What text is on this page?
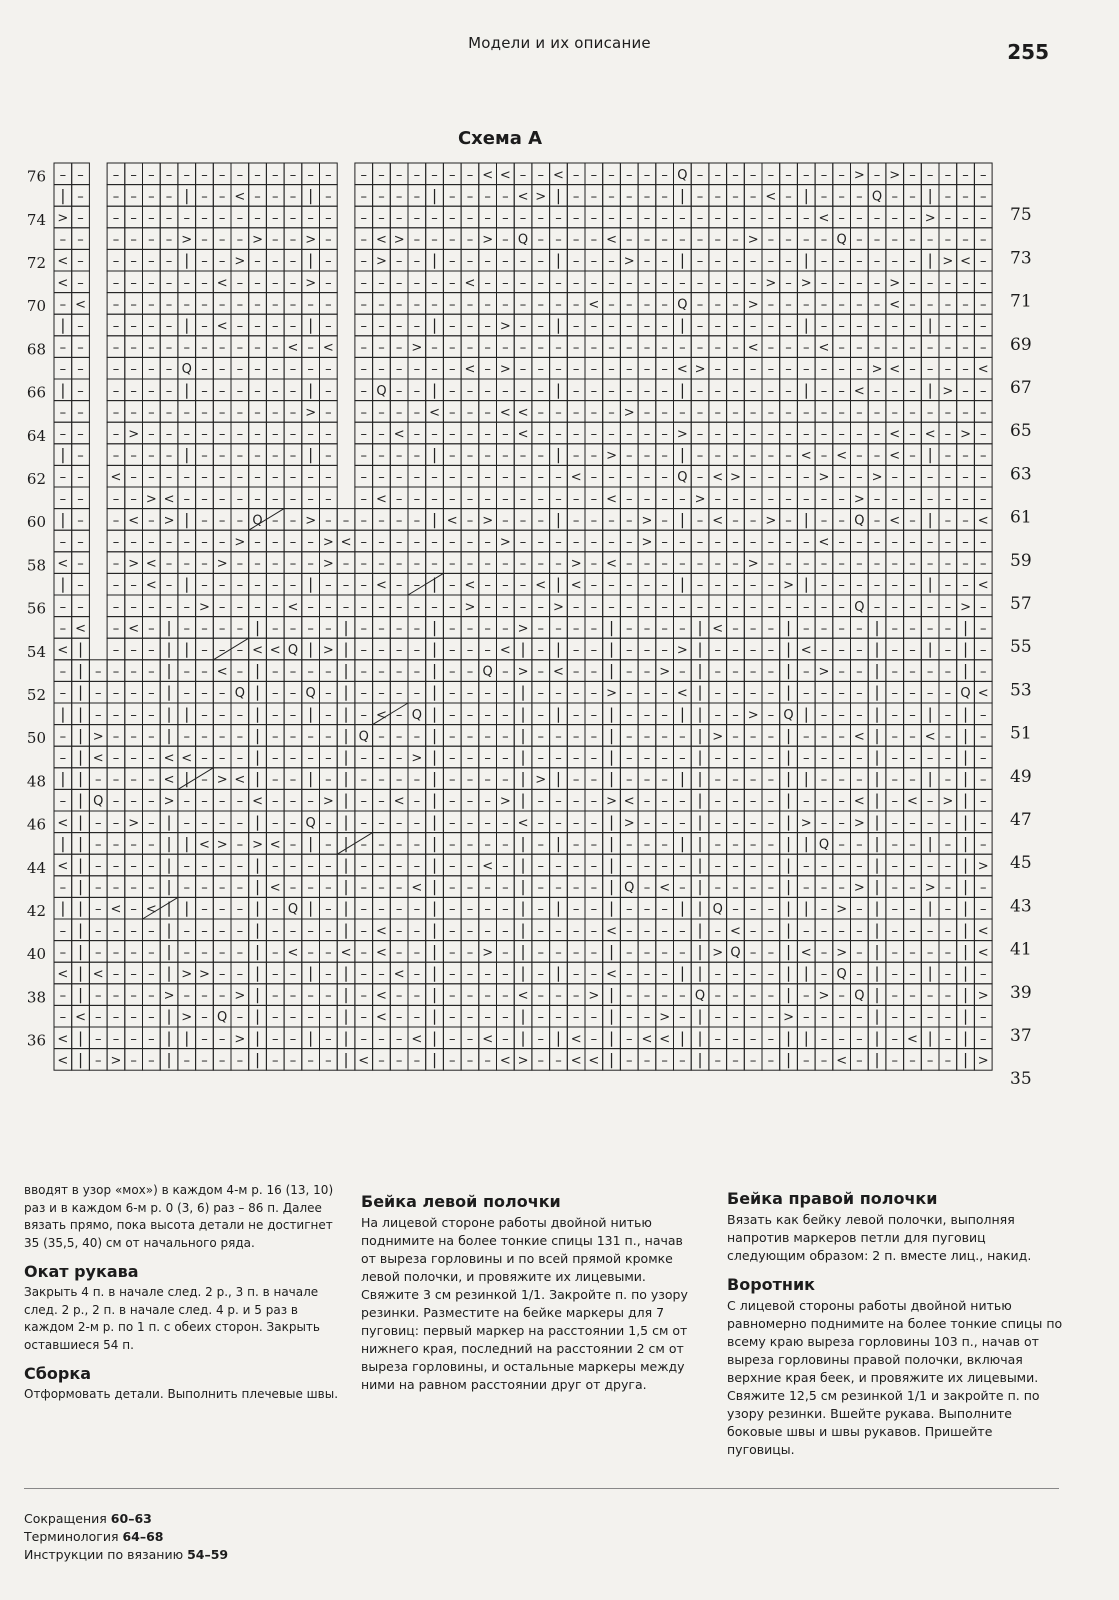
Модели и их описание	255
Схема A
– – – – – – – – – – – – – – – – – – – – – – < < – – < – – – – – – Q – – – – – – – – – > – > – – – – –
| – – – – – | – – < – – – | – – – – – | – – – – < > | – – – – – – | – – – – < – | – – – Q – – | – – –
> – – – – – – – – – – – – – – – – – – – – – – – – – – – – – – – – – – – – – – – – < – – – – – > – – –
– – – – – – > – – – > – – > – – < > – – – – > – Q – – – – < – – – – – – – > – – – – Q – – – – – – – –
< – – – – – | – – > – – – | – – > – – | – – – – – – | – – – > – – | – – – – – – | – – – – – – | > < –
< – – – – – – – < – – – – > – – – – – – – < – – – – – – – – – – – – – – – – > – > – – – – > – – – – –
– < – – – – – – – – – – – – – – – – – – – – – – – – – – < – – – – Q – – – > – – – – – – – < – – – – –
| – – – – – | – < – – – – | – – – – – | – – – > – – | – – – – – – | – – – – – – | – – – – – – | – – –
– – – – – – – – – – – – < – < – – – > – – – – – – – – – – – – – – – – – – < – – – < – – – – – – – – –
– – – – – – Q – – – – – – – – – – – – – – < – > – – – – – – – – – < > – – – – – – – – – > < – – – – <
| – – – – – | – – – – – – | – – Q – – | – – – – – – | – – – – – – | – – – – – – | – – < – – – | > – –
– – – – – – – – – – – – – > – – – – – < – – – < < – – – – – > – – – – – – – – – – – – – – – – – – – –
– – – > – – – – – – – – – – – – – < – – – – – – < – – – – – – – – > – – – – – – – – – – – < – < – > –
| – – – – – | – – – – – – | – – – – – | – – – – – – | – – > – – – | – – – – – – < – < – – < – | – – –
– – < – – – – – – – – – – – – – – – – – – – – – – – – < – – – – – Q – < > – – – – > – – > – – – – – –
– – – – > < – – – – – – – – – – < – – – – – – – – – – – – < – – – – > – – – – – – – – > – – – – – – –
| – – < – > | – – – Q – – > – – – – – – | < – > – – – | – – – – > – | – < – – > – | – – Q – < – | – – <
– – – – – – – – – > – – – – > < – – – – – – – – > – – – – – – – > – – – – – – – – – < – – – – – – – – –
< – – > < – – – > – – – – – > – – – – – – – – – – – – – > – < – – – – – – – > – – – – – – – – – – – – –
| – – – < – | – – – – – – | – – – < – – | – < – – – < | < – – – – – | – – – – – > | – – – – – – | – – <
– – – – – – – > – – – – < – – – – – – – – – > – – – – > – – – – – – – – – – – – – – – – Q – – – – – > –
– < – < – | – – – – | – – – – | – – – – | – – – – > – – – – | – – – – | < – – – | – – – – | – – – – | –
< | – – – | | – – – < < Q | > | – – – – | – – – < | – | – – | – – – > | – – – – | < – – – | – – | – | –
– | – – – – | – – < – | – – – – | – – – – | – – Q – > – < – – | – – > – | – – – – | – > – – | – – – – | –
– | – – – – | – – – Q | – – Q – | – – – – | – – – – | – – – – > – – – < | – – – – | – – – – | – – – – Q <
| | – – – – | | – – – | – – | – | – < – Q | – – – – | – | – – | – – – | | – – > – Q | – – – | – – | – | –
– | > – – – | – – – – | – – – – | Q – – – | – – – – | – – – – | – – – – | > – – – | – – – < | – – < – | –
– | < – – – < < – – – | – – – – | – – – > | – – – – | – – – – | – – – – | – – – – | – – – – | – – – – | –
| | – – – – < | – > < | – – | – | – – – – | – – – – | > | – – | – – – | | – – – – | | – – – | – – | – | –
– | Q – – – > – – – – < – – – > | – – < – | – – – > | – – – – > < – – – | – – – – | – – – < | – < – > | –
< | – – > – | – – – – | – – Q – | – – – – | – – – – < – – – – | > – – – | – – – – | > – – > | – – – – | –
| | – – – – | | < > – > < – | – | – – – – | – – – – | – | – – | – – – | | – – – – | | Q – – | – – | – | –
< | – – – – | – – – – | – – – – | – – – – | – – < – | – – – – | – – – – | – – – – | – – – – | – – – – | >
– | – – – – | – – – – | < – – – | – – – < | – – – – | – – – – | Q – < – | – – – – | – – – > | – – > – | –
| | – < – < | | – – – | – Q | – | – – – – | – – – – | – | – – | – – – | | Q – – – | | – > – | – – | – | –
– | – – – – | – – – – | – – – – | – < – – | – – – – | – – – – < – – – – | – < – – | – – – – | – – – – | <
– | – – – – | – – – – | – < – – < – < – – | – – > – | – – – – | – – – – | > Q – – | < – > – | – – – – | <
< | < – – – | > > – – | – – | – | – – < – | – – – – | – | – – < – – – | | – – – – | | – Q – | – – | – | –
– | – – – – > – – – > | – – – – | – < – – | – – – – < – – – > | – – – – Q – – – – | – > – Q | – – – – | >
– < – – – – | > – Q – | – – – – | – < – – | – – – – | – – – – | – – > – | – – – – > – – – – | – – – – | –
< | – – – – | | – – > | – – | – | – – – < | – – < – | – | < – | – < < | | – – – – | | – – – | – < | – | –
< | – > – – | – – – – | – – – – | < – – – | – – – < > – – < < | – – – – | – – – – | – – < – | – – – – | >
76
74
72
70
68
66
64
62
60
58
56
54
52
50
48
46
44
42
40
38
36
75
73
71
69
67
65
63
61
59
57
55
53
51
49
47
45
43
41
39
37
35

вводят в узор «мох») в каждом 4-м р. 16 (13, 10) раз и в каждом 6-м р. 0 (3, 6) раз – 86 п. Далее вязать прямо, пока высота детали не достигнет 35 (35,5, 40) см от начального ряда.

Окат рукава

Закрыть 4 п. в начале след. 2 р., 3 п. в начале след. 2 р., 2 п. в начале след. 4 р. и 5 раз в каждом 2-м р. по 1 п. с обеих сторон. Закрыть оставшиеся 54 п.

Сборка

Отформовать детали. Выполнить плечевые швы.

Бейка левой полочки

На лицевой стороне работы двойной нитью поднимите на более тонкие спицы 131 п., начав от выреза горловины и по всей прямой кромке левой полочки, и провяжите их лицевыми. Свяжите 3 см резинкой 1/1. Закройте п. по узору резинки. Разместите на бейке маркеры для 7 пуговиц: первый маркер на расстоянии 1,5 см от нижнего края, последний на расстоянии 2 см от выреза горловины, и остальные маркеры между ними на равном расстоянии друг от друга.

Бейка правой полочки

Вязать как бейку левой полочки, выполняя напротив маркеров петли для пуговиц следующим образом: 2 п. вместе лиц., накид.

Воротник

С лицевой стороны работы двойной нитью равномерно поднимите на более тонкие спицы по всему краю выреза горловины 103 п., начав от выреза горловины правой полочки, включая верхние края беек, и провяжите их лицевыми. Свяжите 12,5 см резинкой 1/1 и закройте п. по узору резинки. Вшейте рукава. Выполните боковые швы и швы рукавов. Пришейте пуговицы.

Сокращения 60–63
Терминология 64–68
Инструкции по вязанию 54–59
